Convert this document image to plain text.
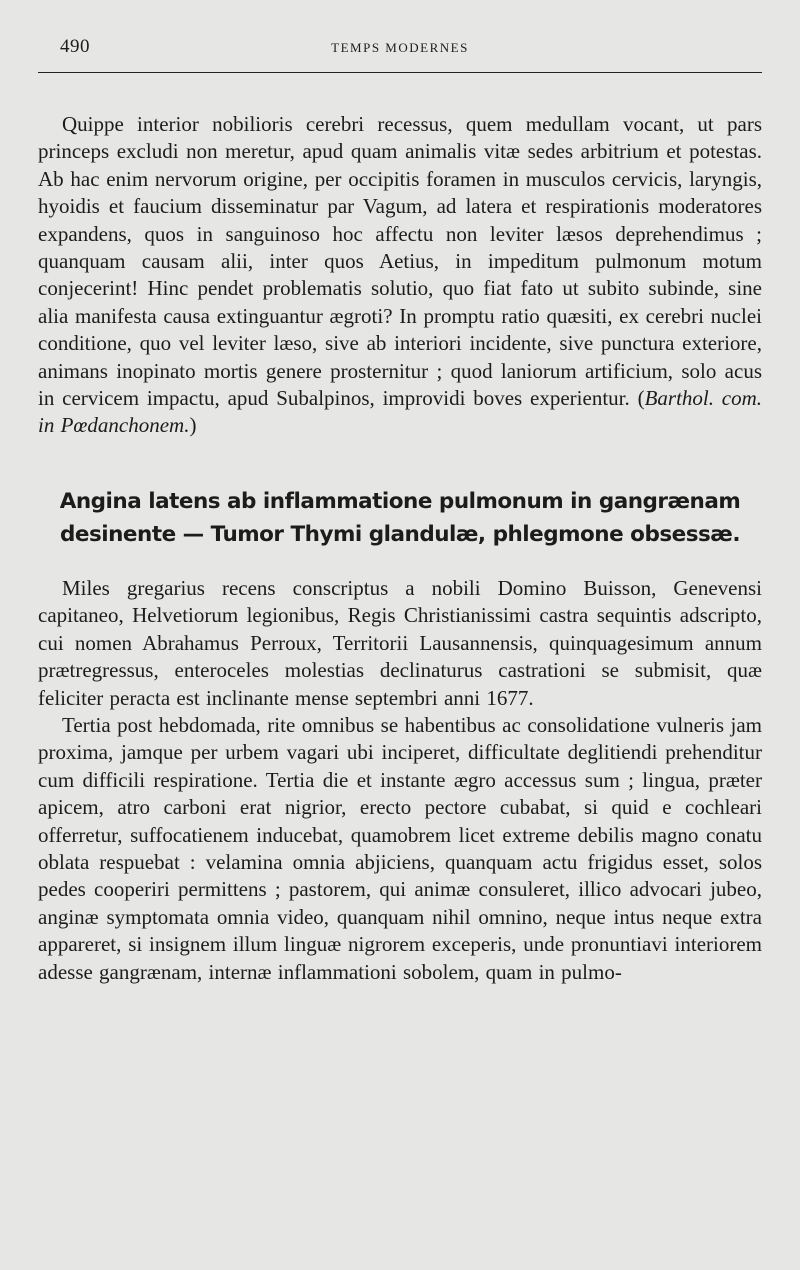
490	TEMPS MODERNES

Quippe interior nobilioris cerebri recessus, quem medullam vocant, ut pars princeps excludi non meretur, apud quam animalis vitæ sedes arbitrium et potestas. Ab hac enim nervorum origine, per occipitis foramen in musculos cervicis, laryngis, hyoidis et faucium disseminatur par Vagum, ad latera et respirationis moderatores expandens, quos in sanguinoso hoc affectu non leviter læsos deprehendimus ; quanquam causam alii, inter quos Aetius, in impeditum pulmonum motum conjecerint! Hinc pendet problematis solutio, quo fiat fato ut subito subinde, sine alia manifesta causa extinguantur ægroti? In promptu ratio quæsiti, ex cerebri nuclei conditione, quo vel leviter læso, sive ab interiori incidente, sive punctura exteriore, animans inopinato mortis genere prosternitur ; quod laniorum artificium, solo acus in cervicem impactu, apud Subalpinos, improvidi boves experientur. (Barthol. com. in Pœdanchonem.)

Angina latens ab inflammatione pulmonum in gangrænam
desinente — Tumor Thymi glandulæ, phlegmone obsessæ.

Miles gregarius recens conscriptus a nobili Domino Buisson, Genevensi capitaneo, Helvetiorum legionibus, Regis Christianissimi castra sequintis adscripto, cui nomen Abrahamus Perroux, Territorii Lausannensis, quinquagesimum annum prætregressus, enteroceles molestias declinaturus castrationi se submisit, quæ feliciter peracta est inclinante mense septembri anni 1677.

Tertia post hebdomada, rite omnibus se habentibus ac consolidatione vulneris jam proxima, jamque per urbem vagari ubi inciperet, difficultate deglitiendi prehenditur cum difficili respiratione. Tertia die et instante ægro accessus sum ; lingua, præter apicem, atro carboni erat nigrior, erecto pectore cubabat, si quid e cochleari offerretur, suffocatienem inducebat, quamobrem licet extreme debilis magno conatu oblata respuebat : velamina omnia abjiciens, quanquam actu frigidus esset, solos pedes cooperiri permittens ; pastorem, qui animæ consuleret, illico advocari jubeo, anginæ symptomata omnia video, quanquam nihil omnino, neque intus neque extra appareret, si insignem illum linguæ nigrorem exceperis, unde pronuntiavi interiorem adesse gangrænam, internæ inflammationi sobolem, quam in pulmo-
